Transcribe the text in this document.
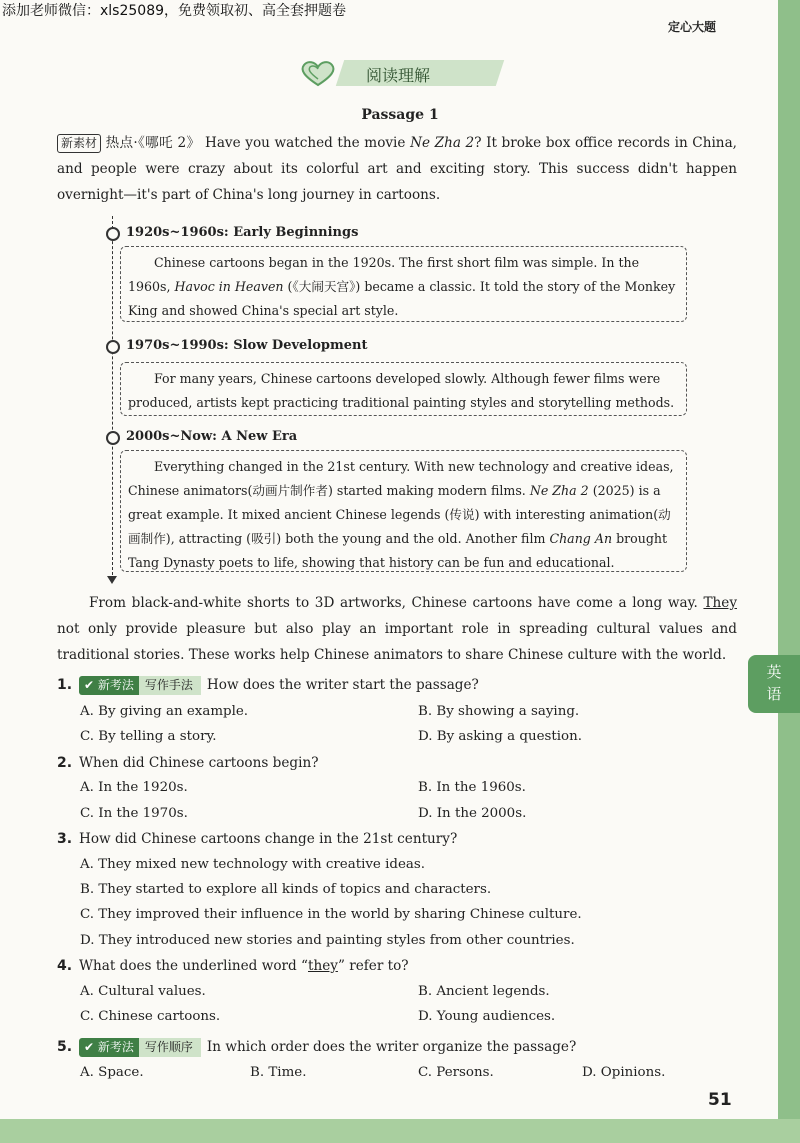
添加老师微信：xls25089，免费领取初、高全套押题卷
定心大题
阅读理解
Passage 1
新素材 热点·《哪吒 2》 Have you watched the movie Ne Zha 2? It broke box office records in China, and people were crazy about its colorful art and exciting story. This success didn't happen overnight—it's part of China's long journey in cartoons.
1920s~1960s: Early Beginnings
Chinese cartoons began in the 1920s. The first short film was simple. In the 1960s, Havoc in Heaven (《大闹天宫》) became a classic. It told the story of the Monkey King and showed China's special art style.
1970s~1990s: Slow Development
For many years, Chinese cartoons developed slowly. Although fewer films were produced, artists kept practicing traditional painting styles and storytelling methods.
2000s~Now: A New Era
Everything changed in the 21st century. With new technology and creative ideas, Chinese animators(动画片制作者) started making modern films. Ne Zha 2 (2025) is a great example. It mixed ancient Chinese legends (传说) with interesting animation(动画制作), attracting (吸引) both the young and the old. Another film Chang An brought Tang Dynasty poets to life, showing that history can be fun and educational.
From black-and-white shorts to 3D artworks, Chinese cartoons have come a long way. They not only provide pleasure but also play an important role in spreading cultural values and traditional stories. These works help Chinese animators to share Chinese culture with the world.
1. ✔ 新考法 写作手法 How does the writer start the passage?
A. By giving an example.	B. By showing a saying.
C. By telling a story.	D. By asking a question.
2. When did Chinese cartoons begin?
A. In the 1920s.	B. In the 1960s.
C. In the 1970s.	D. In the 2000s.
3. How did Chinese cartoons change in the 21st century?
A. They mixed new technology with creative ideas.
B. They started to explore all kinds of topics and characters.
C. They improved their influence in the world by sharing Chinese culture.
D. They introduced new stories and painting styles from other countries.
4. What does the underlined word “they” refer to?
A. Cultural values.	B. Ancient legends.
C. Chinese cartoons.	D. Young audiences.
5. ✔ 新考法 写作顺序 In which order does the writer organize the passage?
A. Space.	B. Time.	C. Persons.	D. Opinions.
51
英
语
